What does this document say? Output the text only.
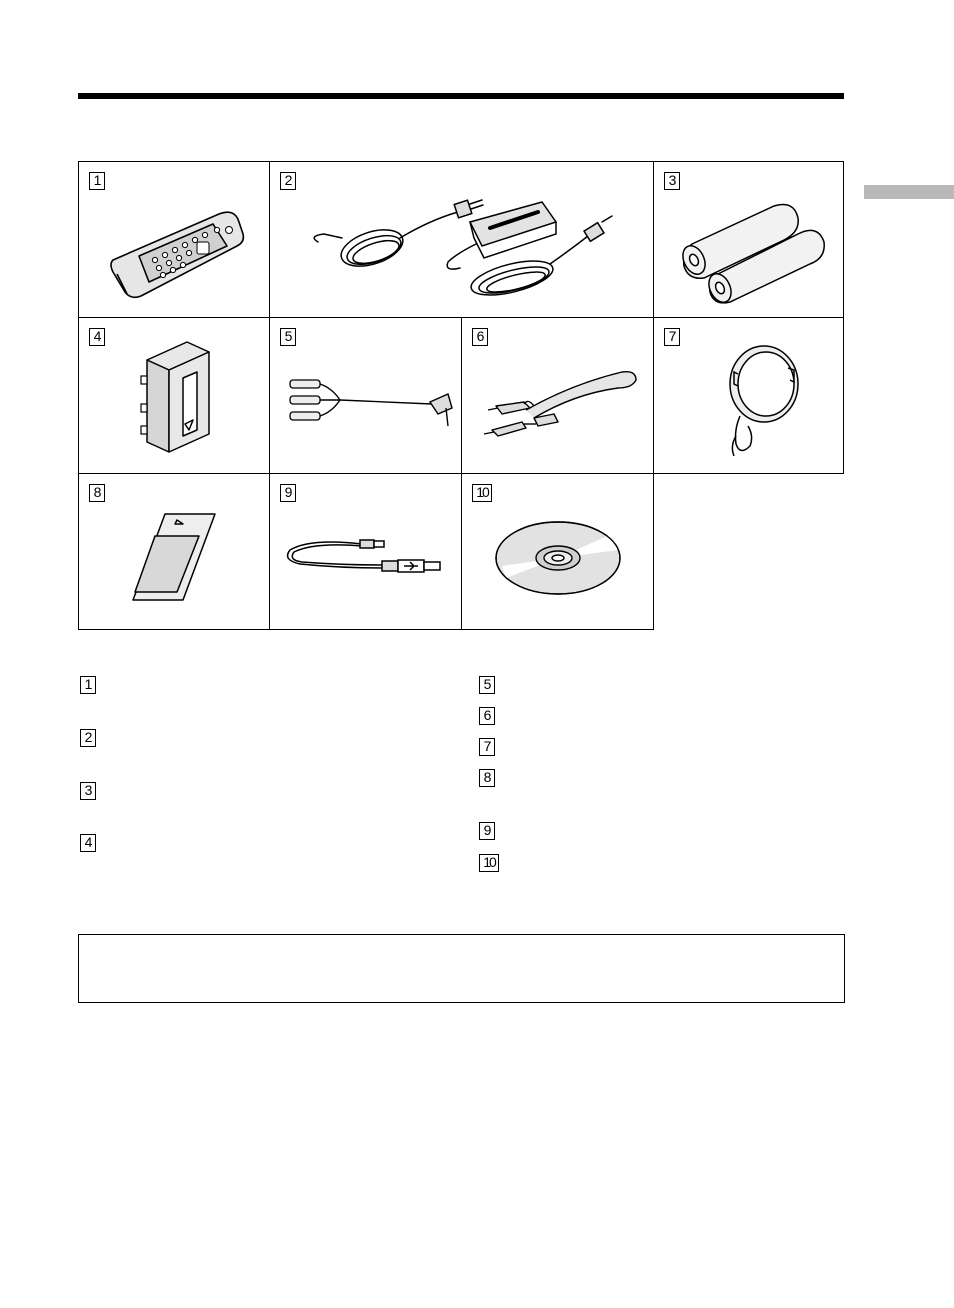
1	2	3
4	5	6	7
8	9	10
1
2
3
4
5
6
7
8
9
10
